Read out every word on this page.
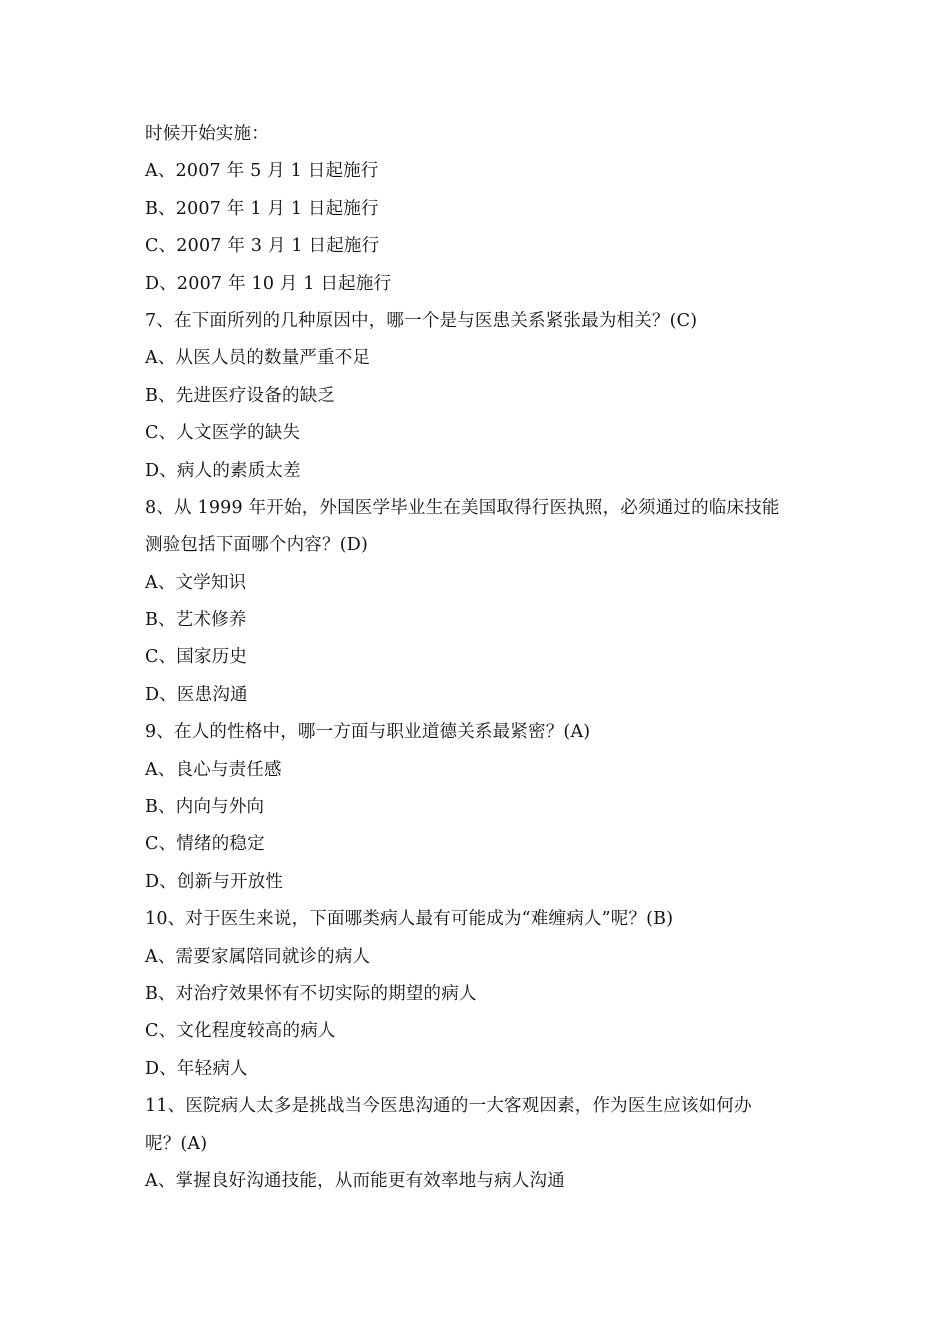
时候开始实施：
A、2007 年 5 月 1 日起施行
B、2007 年 1 月 1 日起施行
C、2007 年 3 月 1 日起施行
D、2007 年 10 月 1 日起施行
7、在下面所列的几种原因中，哪一个是与医患关系紧张最为相关？(C)
A、从医人员的数量严重不足
B、先进医疗设备的缺乏
C、人文医学的缺失
D、病人的素质太差
8、从 1999 年开始，外国医学毕业生在美国取得行医执照，必须通过的临床技能
测验包括下面哪个内容？(D)
A、文学知识
B、艺术修养
C、国家历史
D、医患沟通
9、在人的性格中，哪一方面与职业道德关系最紧密？(A)
A、良心与责任感
B、内向与外向
C、情绪的稳定
D、创新与开放性
10、对于医生来说，下面哪类病人最有可能成为“难缠病人”呢？(B)
A、需要家属陪同就诊的病人
B、对治疗效果怀有不切实际的期望的病人
C、文化程度较高的病人
D、年轻病人
11、医院病人太多是挑战当今医患沟通的一大客观因素，作为医生应该如何办
呢？(A)
A、掌握良好沟通技能，从而能更有效率地与病人沟通
